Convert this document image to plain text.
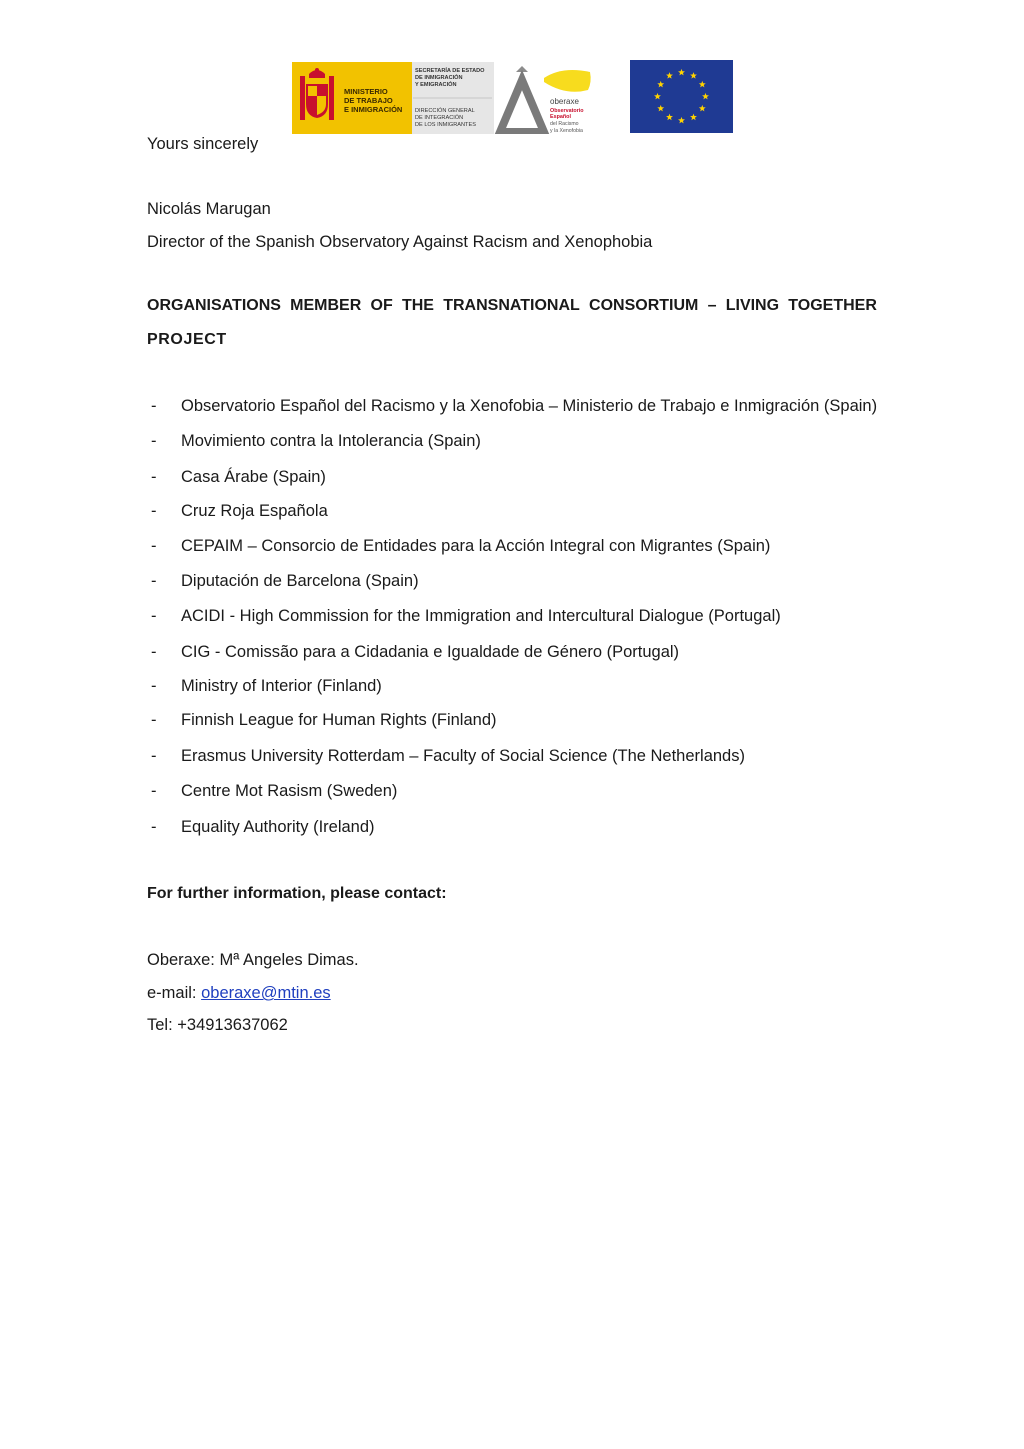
MINISTERIO
DE TRABAJO
E INMIGRACIÓN
SECRETARÍA DE ESTADO
DE INMIGRACIÓN
Y EMIGRACIÓN
DIRECCIÓN GENERAL
DE INTEGRACIÓN
DE LOS INMIGRANTES
oberaxe
Observatorio
Español
del Racismo
y la Xenofobia
Yours sincerely
Nicolás Marugan
Director of the Spanish Observatory Against Racism and Xenophobia
ORGANISATIONS MEMBER OF THE TRANSNATIONAL CONSORTIUM – LIVING TOGETHER
PROJECT
- Observatorio Español del Racismo y la Xenofobia – Ministerio de Trabajo e Inmigración (Spain)
- Movimiento contra la Intolerancia (Spain)
- Casa Árabe (Spain)
- Cruz Roja Española
- CEPAIM – Consorcio de Entidades para la Acción Integral con Migrantes (Spain)
- Diputación de Barcelona (Spain)
- ACIDI - High Commission for the Immigration and Intercultural Dialogue (Portugal)
- CIG - Comissão para a Cidadania e Igualdade de Género (Portugal)
- Ministry of Interior (Finland)
- Finnish League for Human Rights (Finland)
- Erasmus University Rotterdam – Faculty of Social Science (The Netherlands)
- Centre Mot Rasism (Sweden)
- Equality Authority (Ireland)
For further information, please contact:
Oberaxe: Mª Angeles Dimas.
e-mail: oberaxe@mtin.es
Tel: +34913637062
